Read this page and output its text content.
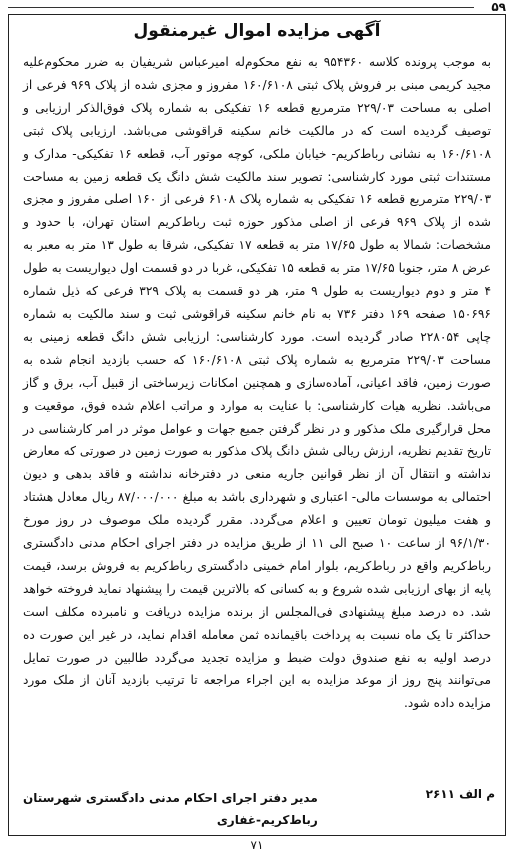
۵۹
آگهی مزایده اموال غیرمنقول
به موجب پرونده کلاسه ۹۵۴۳۶۰ به نفع محکوم‌له امیرعباس شریفیان به ضرر محکوم‌علیه مجید کریمی مبنی بر فروش پلاک ثبتی ۱۶۰/۶۱۰۸ مفروز و مجزی شده از پلاک ۹۶۹ فرعی از اصلی به مساحت ۲۲۹/۰۳ مترمربع قطعه ۱۶ تفکیکی به شماره پلاک فوق‌الذکر ارزیابی و توصیف گردیده است که در مالکیت خانم سکینه قراقوشی می‌باشد. ارزیابی پلاک ثبتی ۱۶۰/۶۱۰۸ به نشانی رباط‌کریم- خیابان ملکی، کوچه موتور آب، قطعه ۱۶ تفکیکی- مدارک و مستندات ثبتی مورد کارشناسی: تصویر سند مالکیت شش دانگ یک قطعه زمین به مساحت ۲۲۹/۰۳ مترمربع قطعه ۱۶ تفکیکی به شماره پلاک ۶۱۰۸ فرعی از ۱۶۰ اصلی مفروز و مجزی شده از پلاک ۹۶۹ فرعی از اصلی مذکور حوزه ثبت رباط‌کریم استان تهران، با حدود و مشخصات: شمالا به طول ۱۷/۶۵ متر به قطعه ۱۷ تفکیکی، شرقا به طول ۱۳ متر به معبر به عرض ۸ متر، جنوبا ۱۷/۶۵ متر به قطعه ۱۵ تفکیکی، غربا در دو قسمت اول دیواریست به طول ۴ متر و دوم دیواریست به طول ۹ متر، هر دو قسمت به پلاک ۳۲۹ فرعی که ذیل شماره ۱۵۰۶۹۶ صفحه ۱۶۹ دفتر ۷۳۶ به نام خانم سکینه قراقوشی ثبت و سند مالکیت به شماره چاپی ۲۲۸۰۵۴ صادر گردیده است. مورد کارشناسی: ارزیابی شش دانگ قطعه زمینی به مساحت ۲۲۹/۰۳ مترمربع به شماره پلاک ثبتی ۱۶۰/۶۱۰۸ که حسب بازدید انجام شده به صورت زمین، فاقد اعیانی، آماده‌سازی و همچنین امکانات زیرساختی از قبیل آب، برق و گاز می‌باشد. نظریه هیات کارشناسی: با عنایت به موارد و مراتب اعلام شده فوق، موقعیت و محل قرارگیری ملک مذکور و در نظر گرفتن جمیع جهات و عوامل موثر در امر کارشناسی در تاریخ تقدیم نظریه، ارزش ریالی شش دانگ پلاک مذکور به صورت زمین در صورتی که معارض نداشته و انتقال آن از نظر قوانین جاریه منعی در دفترخانه نداشته و فاقد بدهی و دیون احتمالی به موسسات مالی- اعتباری و شهرداری باشد به مبلغ ۸۷/۰۰۰/۰۰۰ ریال معادل هشتاد و هفت میلیون تومان تعیین و اعلام می‌گردد. مقرر گردیده ملک موصوف در روز مورخ ۹۶/۱/۳۰ از ساعت ۱۰ صبح الی ۱۱ از طریق مزایده در دفتر اجرای احکام مدنی دادگستری رباط‌کریم واقع در رباط‌کریم، بلوار امام خمینی دادگستری رباط‌کریم به فروش برسد، قیمت پایه از بهای ارزیابی شده شروع و به کسانی که بالاترین قیمت را پیشنهاد نماید فروخته خواهد شد. ده درصد مبلغ پیشنهادی فی‌المجلس از برنده مزایده دریافت و نامبرده مکلف است حداکثر تا یک ماه نسبت به پرداخت باقیمانده ثمن معامله اقدام نماید، در غیر این صورت ده درصد اولیه به نفع صندوق دولت ضبط و مزایده تجدید می‌گردد طالبین در صورت تمایل می‌توانند پنج روز از موعد مزایده به این اجراء مراجعه تا ترتیب بازدید آنان از ملک مورد مزایده داده شود.
م الف ۲۶۱۱
مدیر دفتر اجرای احکام مدنی دادگستری شهرستان
رباط‌کریم-غفاری
۷۱
